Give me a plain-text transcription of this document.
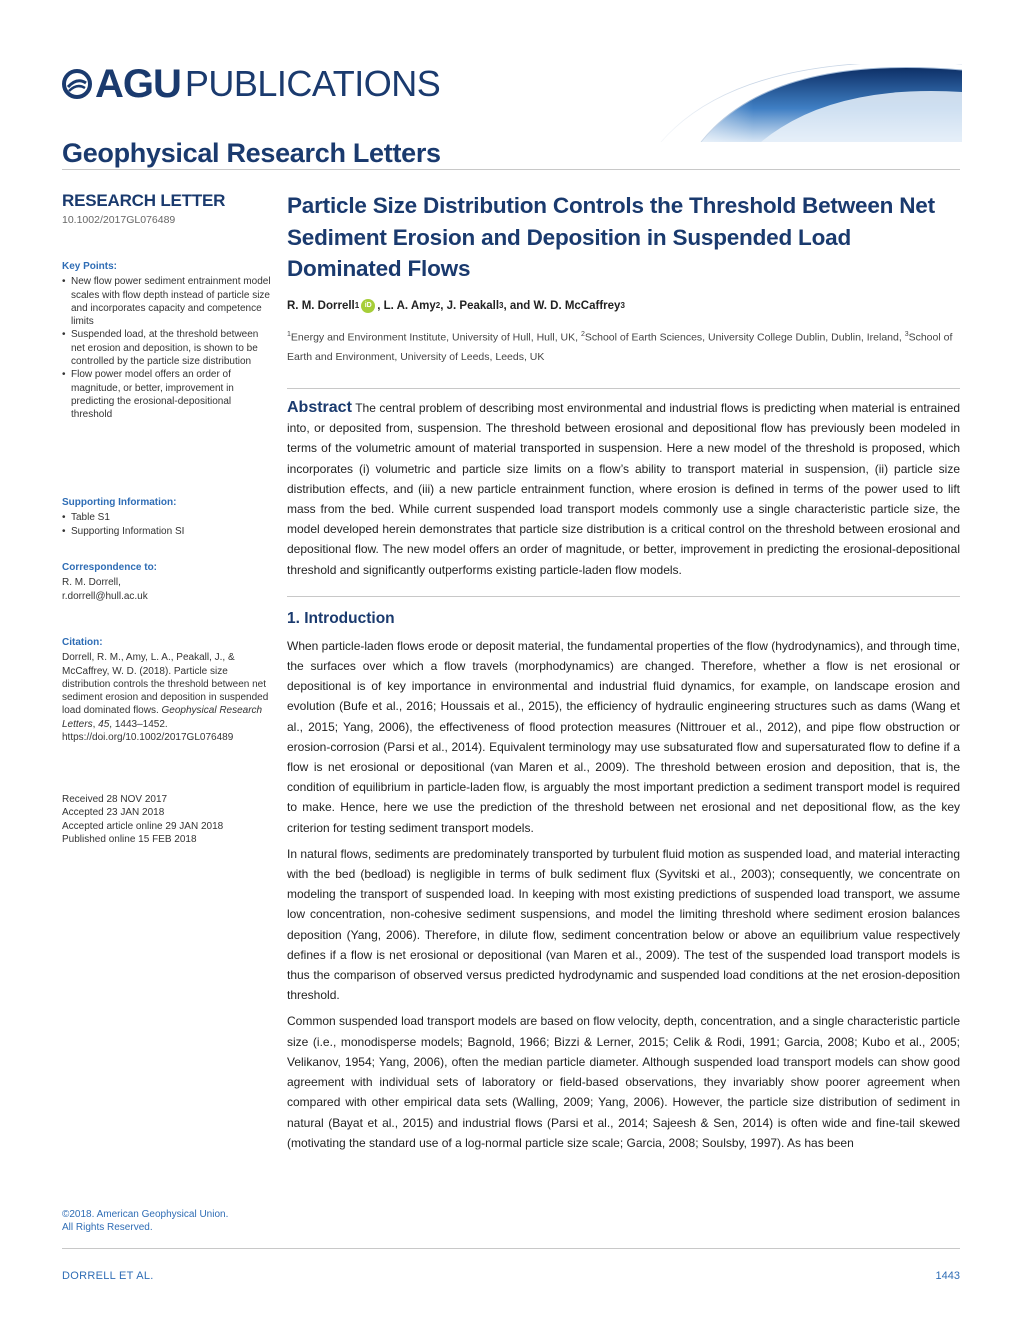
AGU PUBLICATIONS
Geophysical Research Letters
RESEARCH LETTER
10.1002/2017GL076489
Key Points:
• New flow power sediment entrainment model scales with flow depth instead of particle size and incorporates capacity and competence limits
• Suspended load, at the threshold between net erosion and deposition, is shown to be controlled by the particle size distribution
• Flow power model offers an order of magnitude, or better, improvement in predicting the erosional-depositional threshold
Supporting Information:
• Table S1
• Supporting Information SI
Correspondence to:
R. M. Dorrell,
r.dorrell@hull.ac.uk
Citation:
Dorrell, R. M., Amy, L. A., Peakall, J., & McCaffrey, W. D. (2018). Particle size distribution controls the threshold between net sediment erosion and deposition in suspended load dominated flows. Geophysical Research Letters, 45, 1443–1452. https://doi.org/10.1002/2017GL076489
Received 28 NOV 2017
Accepted 23 JAN 2018
Accepted article online 29 JAN 2018
Published online 15 FEB 2018
©2018. American Geophysical Union.
All Rights Reserved.
Particle Size Distribution Controls the Threshold Between Net Sediment Erosion and Deposition in Suspended Load Dominated Flows
R. M. Dorrell 1 iD , L. A. Amy 2 , J. Peakall 3 , and W. D. McCaffrey 3
$^1$Energy and Environment Institute, University of Hull, Hull, UK, $^2$School of Earth Sciences, University College Dublin, Dublin, Ireland, $^3$School of Earth and Environment, University of Leeds, Leeds, UK
Abstract The central problem of describing most environmental and industrial flows is predicting when material is entrained into, or deposited from, suspension. The threshold between erosional and depositional flow has previously been modeled in terms of the volumetric amount of material transported in suspension. Here a new model of the threshold is proposed, which incorporates (i) volumetric and particle size limits on a flow’s ability to transport material in suspension, (ii) particle size distribution effects, and (iii) a new particle entrainment function, where erosion is defined in terms of the power used to lift mass from the bed. While current suspended load transport models commonly use a single characteristic particle size, the model developed herein demonstrates that particle size distribution is a critical control on the threshold between erosional and depositional flow. The new model offers an order of magnitude, or better, improvement in predicting the erosional-depositional threshold and significantly outperforms existing particle-laden flow models.
1. Introduction

When particle-laden flows erode or deposit material, the fundamental properties of the flow (hydrodynamics), and through time, the surfaces over which a flow travels (morphodynamics) are changed. Therefore, whether a flow is net erosional or depositional is of key importance in environmental and industrial fluid dynamics, for example, on landscape erosion and evolution (Bufe et al., 2016; Houssais et al., 2015), the efficiency of hydraulic engineering structures such as dams (Wang et al., 2015; Yang, 2006), the effectiveness of flood protection measures (Nittrouer et al., 2012), and pipe flow obstruction or erosion-corrosion (Parsi et al., 2014). Equivalent terminology may use subsaturated flow and supersaturated flow to define if a flow is net erosional or depositional (van Maren et al., 2009). The threshold between erosion and deposition, that is, the condition of equilibrium in particle-laden flow, is arguably the most important prediction a sediment transport model is required to make. Hence, here we use the prediction of the threshold between net erosional and net depositional flow, as the key criterion for testing sediment transport models.

In natural flows, sediments are predominately transported by turbulent fluid motion as suspended load, and material interacting with the bed (bedload) is negligible in terms of bulk sediment flux (Syvitski et al., 2003); consequently, we concentrate on modeling the transport of suspended load. In keeping with most existing predictions of suspended load transport, we assume low concentration, non-cohesive sediment suspensions, and model the limiting threshold where sediment erosion balances deposition (Yang, 2006). Therefore, in dilute flow, sediment concentration below or above an equilibrium value respectively defines if a flow is net erosional or depositional (van Maren et al., 2009). The test of the suspended load transport models is thus the comparison of observed versus predicted hydrodynamic and suspended load conditions at the net erosion-deposition threshold.

Common suspended load transport models are based on flow velocity, depth, concentration, and a single characteristic particle size (i.e., monodisperse models; Bagnold, 1966; Bizzi & Lerner, 2015; Celik & Rodi, 1991; Garcia, 2008; Kubo et al., 2005; Velikanov, 1954; Yang, 2006), often the median particle diameter. Although suspended load transport models can show good agreement with individual sets of laboratory or field-based observations, they invariably show poorer agreement when compared with other empirical data sets (Walling, 2009; Yang, 2006). However, the particle size distribution of sediment in natural (Bayat et al., 2015) and industrial flows (Parsi et al., 2014; Sajeesh & Sen, 2014) is often wide and fine-tail skewed (motivating the standard use of a log-normal particle size scale; Garcia, 2008; Soulsby, 1997). As has been

DORRELL ET AL.	1443
